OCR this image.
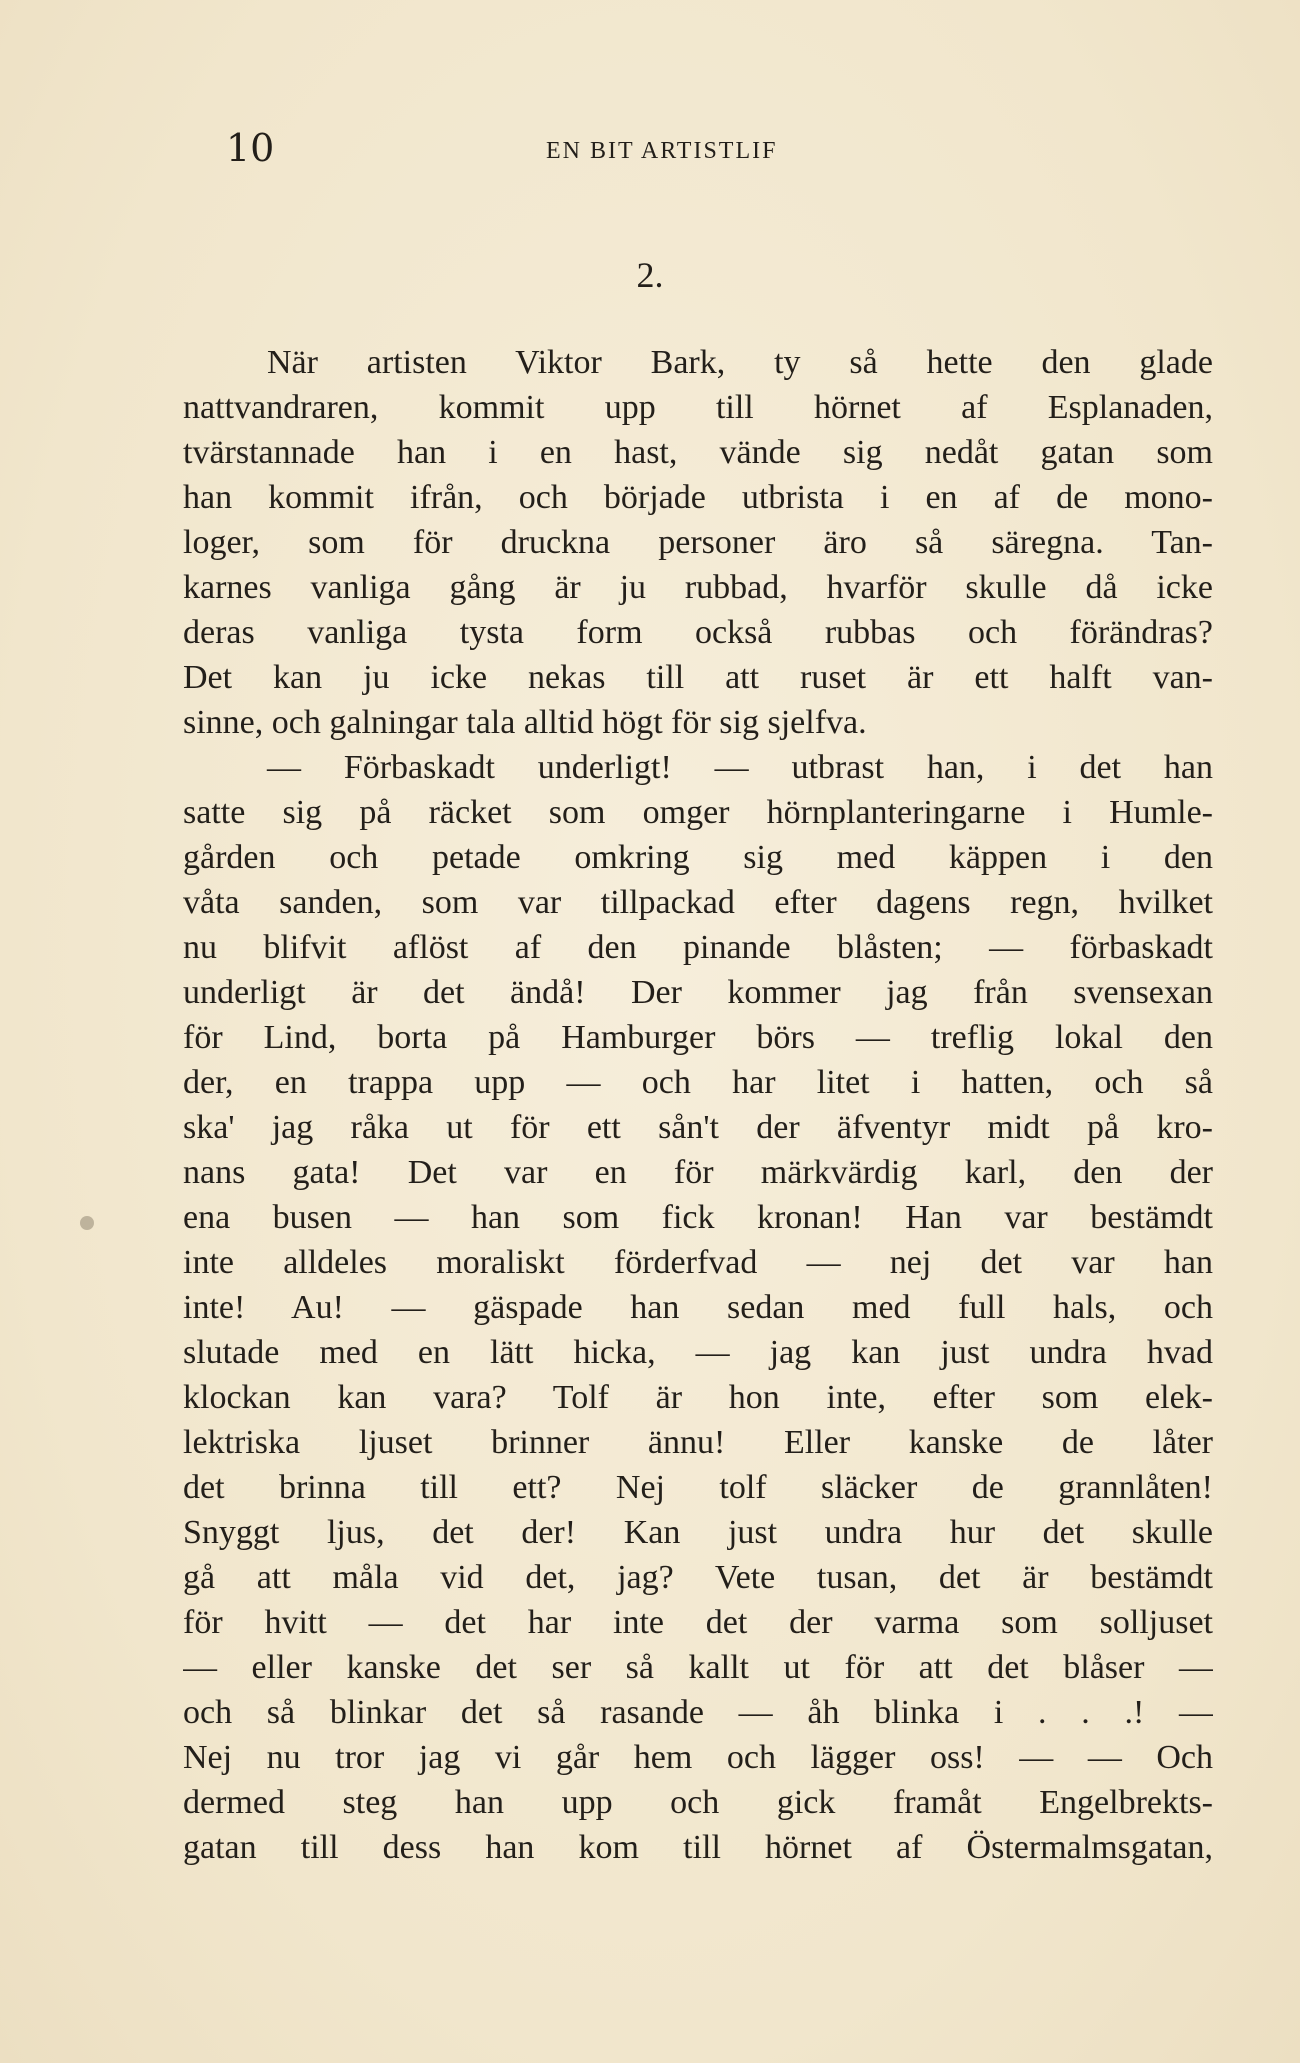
10	EN BIT ARTISTLIF
2.
När artisten Viktor Bark, ty så hette den glade
nattvandraren, kommit upp till hörnet af Esplanaden,
tvärstannade han i en hast, vände sig nedåt gatan som
han kommit ifrån, och började utbrista i en af de mono-
loger, som för druckna personer äro så säregna. Tan-
karnes vanliga gång är ju rubbad, hvarför skulle då icke
deras vanliga tysta form också rubbas och förändras?
Det kan ju icke nekas till att ruset är ett halft van-
sinne, och galningar tala alltid högt för sig sjelfva.
— Förbaskadt underligt! — utbrast han, i det han
satte sig på räcket som omger hörnplanteringarne i Humle-
gården och petade omkring sig med käppen i den
våta sanden, som var tillpackad efter dagens regn, hvilket
nu blifvit aflöst af den pinande blåsten; — förbaskadt
underligt är det ändå! Der kommer jag från svensexan
för Lind, borta på Hamburger börs — treflig lokal den
der, en trappa upp — och har litet i hatten, och så
ska' jag råka ut för ett sån't der äfventyr midt på kro-
nans gata! Det var en för märkvärdig karl, den der
ena busen — han som fick kronan! Han var bestämdt
inte alldeles moraliskt förderfvad — nej det var han
inte! Au! — gäspade han sedan med full hals, och
slutade med en lätt hicka, — jag kan just undra hvad
klockan kan vara? Tolf är hon inte, efter som elek-
lektriska ljuset brinner ännu! Eller kanske de låter
det brinna till ett? Nej tolf släcker de grannlåten!
Snyggt ljus, det der! Kan just undra hur det skulle
gå att måla vid det, jag? Vete tusan, det är bestämdt
för hvitt — det har inte det der varma som solljuset
— eller kanske det ser så kallt ut för att det blåser —
och så blinkar det så rasande — åh blinka i . . .! —
Nej nu tror jag vi går hem och lägger oss! — — Och
dermed steg han upp och gick framåt Engelbrekts-
gatan till dess han kom till hörnet af Östermalmsgatan,
